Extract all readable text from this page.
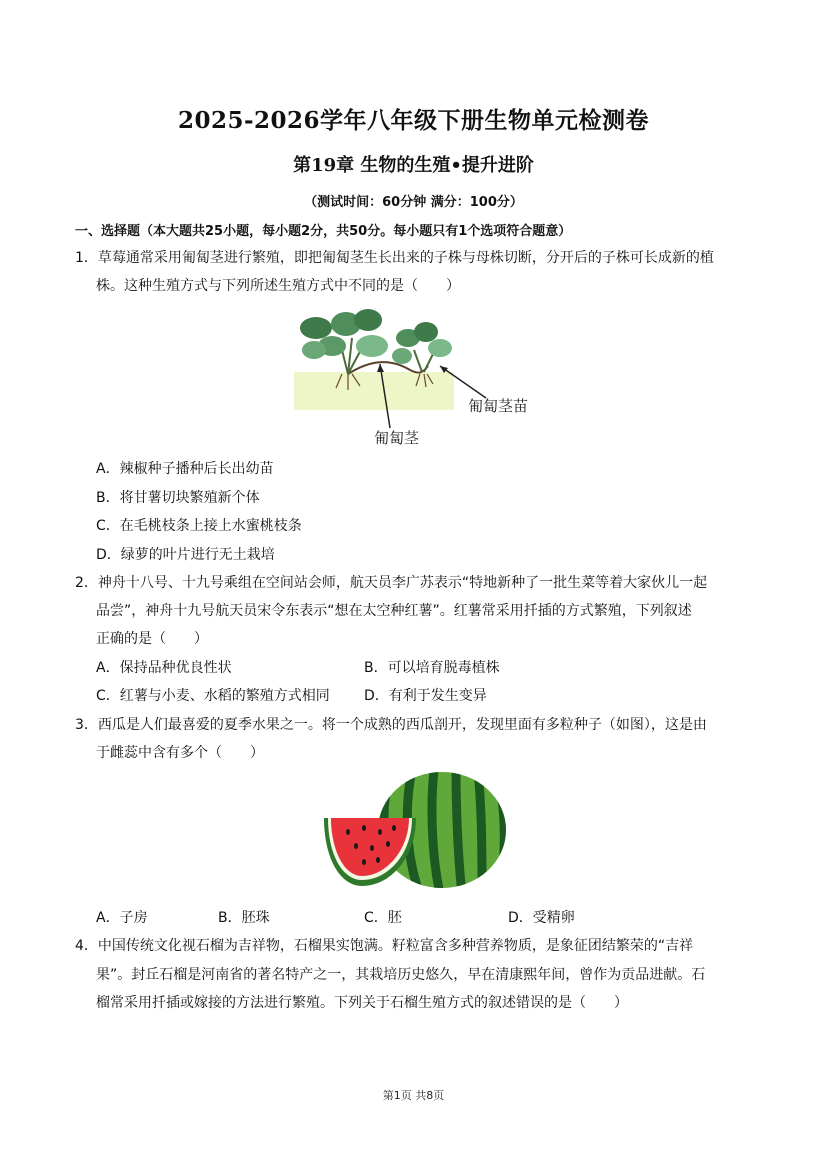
2025-2026学年八年级下册生物单元检测卷
第19章 生物的生殖•提升进阶
（测试时间：60分钟 满分：100分）
一、选择题（本大题共25小题，每小题2分，共50分。每小题只有1个选项符合题意）
1．草莓通常采用匍匐茎进行繁殖，即把匍匐茎生长出来的子株与母株切断，分开后的子株可长成新的植
株。这种生殖方式与下列所述生殖方式中不同的是（　　）
匍匐茎苗
匍匐茎
A．辣椒种子播种后长出幼苗
B．将甘薯切块繁殖新个体
C．在毛桃枝条上接上水蜜桃枝条
D．绿萝的叶片进行无土栽培
2．神舟十八号、十九号乘组在空间站会师，航天员李广苏表示“特地新种了一批生菜等着大家伙儿一起
品尝”，神舟十九号航天员宋令东表示“想在太空种红薯”。红薯常采用扦插的方式繁殖，下列叙述
正确的是（　　）
A．保持品种优良性状	B．可以培育脱毒植株
C．红薯与小麦、水稻的繁殖方式相同 D．有利于发生变异
3．西瓜是人们最喜爱的夏季水果之一。将一个成熟的西瓜剖开，发现里面有多粒种子（如图），这是由
于雌蕊中含有多个（　　）
A．子房	B．胚珠	C．胚	D．受精卵
4．中国传统文化视石榴为吉祥物，石榴果实饱满。籽粒富含多种营养物质，是象征团结繁荣的“吉祥
果”。封丘石榴是河南省的著名特产之一，其栽培历史悠久，早在清康熙年间，曾作为贡品进献。石
榴常采用扦插或嫁接的方法进行繁殖。下列关于石榴生殖方式的叙述错误的是（　　）
第1页 共8页
